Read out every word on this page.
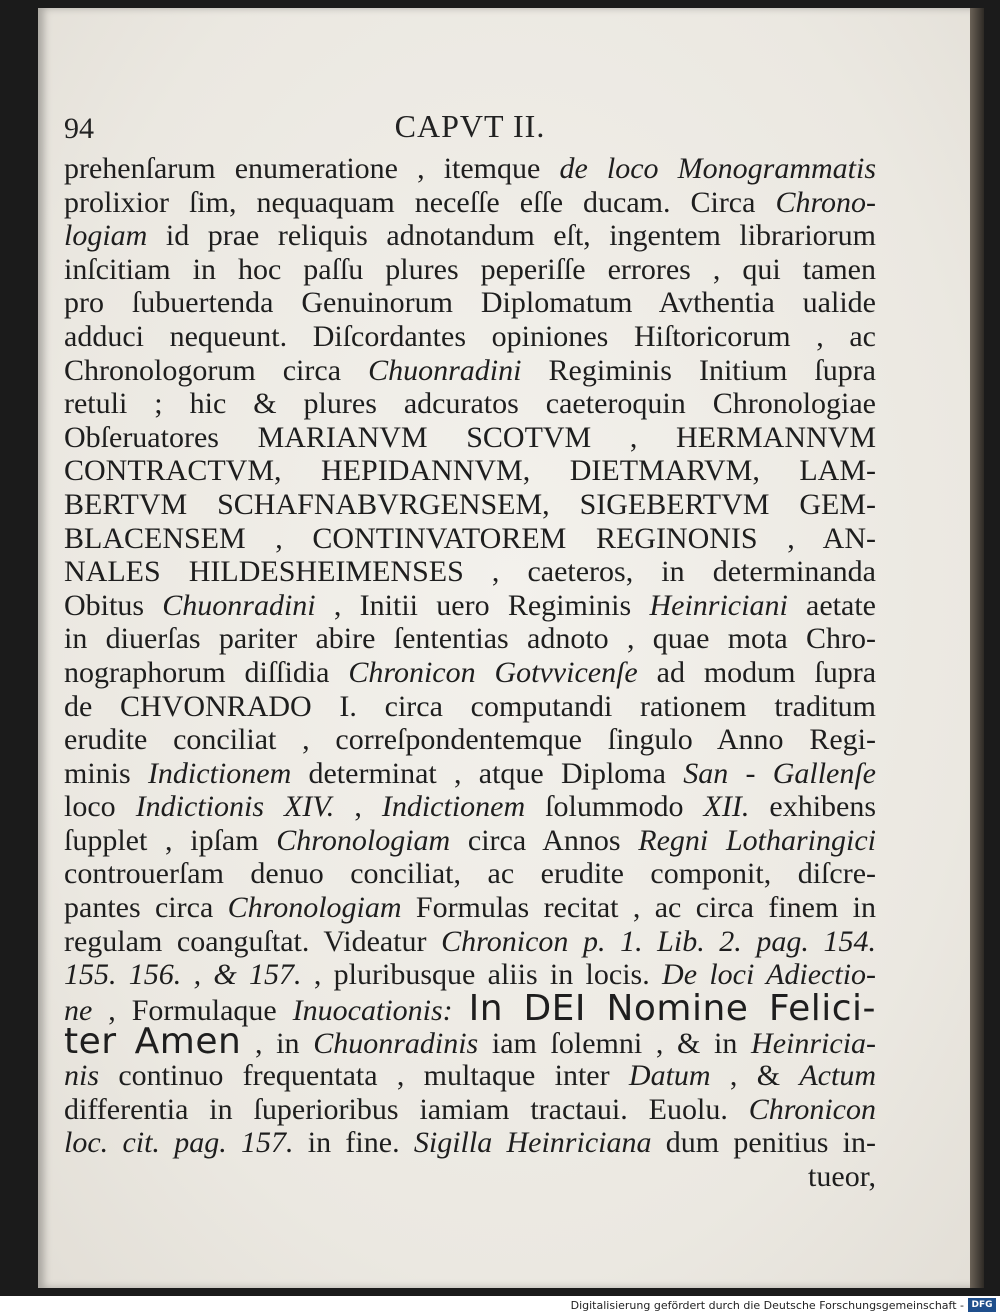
94	CAPVT II.
prehenſarum enumeratione , itemque de loco Monogrammatis
prolixior ſim, nequaquam neceſſe eſſe ducam. Circa Chrono-
logiam id prae reliquis adnotandum eſt, ingentem librariorum
inſcitiam in hoc paſſu plures peperiſſe errores , qui tamen
pro ſubuertenda Genuinorum Diplomatum Avthentia ualide
adduci nequeunt. Diſcordantes opiniones Hiſtoricorum , ac
Chronologorum circa Chuonradini Regiminis Initium ſupra
retuli ; hic & plures adcuratos caeteroquin Chronologiae
Obſeruatores MARIANVM SCOTVM , HERMANNVM
CONTRACTVM, HEPIDANNVM, DIETMARVM, LAM-
BERTVM SCHAFNABVRGENSEM, SIGEBERTVM GEM-
BLACENSEM , CONTINVATOREM REGINONIS , AN-
NALES HILDESHEIMENSES , caeteros, in determinanda
Obitus Chuonradini , Initii uero Regiminis Heinriciani aetate
in diuerſas pariter abire ſententias adnoto , quae mota Chro-
nographorum diſſidia Chronicon Gotvvicenſe ad modum ſupra
de CHVONRADO I. circa computandi rationem traditum
erudite conciliat , correſpondentemque ſingulo Anno Regi-
minis Indictionem determinat , atque Diploma San - Gallenſe
loco Indictionis XIV. , Indictionem ſolummodo XII. exhibens
ſupplet , ipſam Chronologiam circa Annos Regni Lotharingici
controuerſam denuo conciliat, ac erudite componit, diſcre-
pantes circa Chronologiam Formulas recitat , ac circa finem in
regulam coanguſtat. Videatur Chronicon p. 1. Lib. 2. pag. 154.
155. 156. , & 157. , pluribusque aliis in locis. De loci Adiectio-
ne , Formulaque Inuocationis: In DEI Nomine Felici-
ter Amen , in Chuonradinis iam ſolemni , & in Heinricia-
nis continuo frequentata , multaque inter Datum , & Actum
differentia in ſuperioribus iamiam tractaui. Euolu. Chronicon
loc. cit. pag. 157. in fine. Sigilla Heinriciana dum penitius in-
tueor,
Digitalisierung gefördert durch die Deutsche Forschungsgemeinschaft - DFG
